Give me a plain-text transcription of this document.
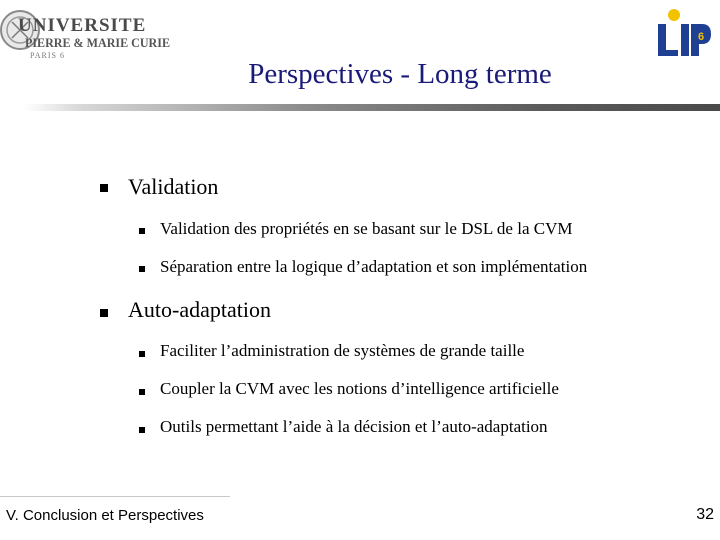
UNIVERSITE
PIERRE & MARIE CURIE
PARIS 6
6
Perspectives - Long terme
Validation
Validation des propriétés en se basant sur le DSL de la CVM
Séparation entre la logique d’adaptation et son implémentation
Auto-adaptation
Faciliter l’administration de systèmes de grande taille
Coupler la CVM avec les notions d’intelligence artificielle
Outils permettant l’aide à la décision et l’auto-adaptation
V. Conclusion et Perspectives	32
